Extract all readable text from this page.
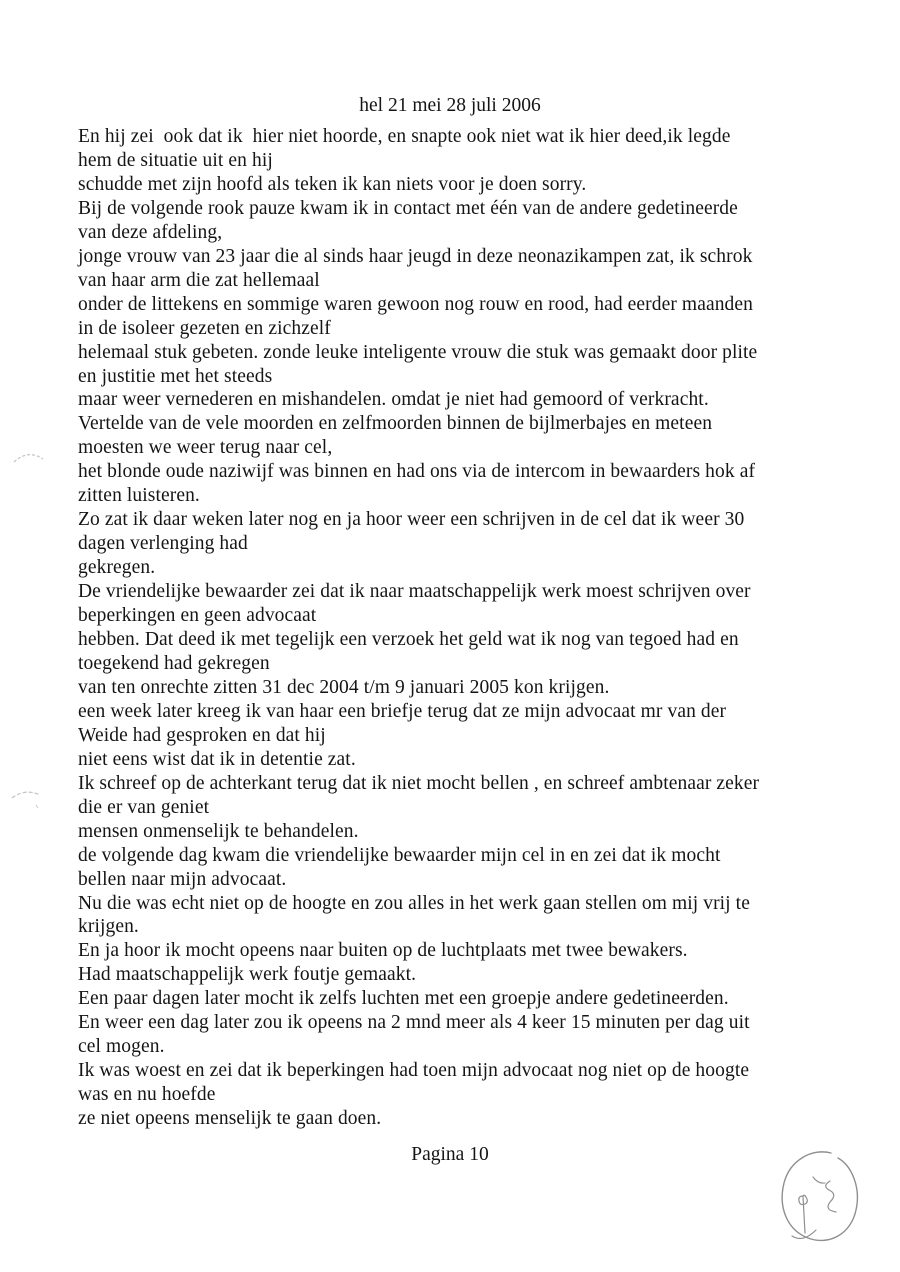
hel 21 mei 28 juli 2006
En hij zei  ook dat ik  hier niet hoorde, en snapte ook niet wat ik hier deed,ik legde
hem de situatie uit en hij
schudde met zijn hoofd als teken ik kan niets voor je doen sorry.
Bij de volgende rook pauze kwam ik in contact met één van de andere gedetineerde
van deze afdeling,
jonge vrouw van 23 jaar die al sinds haar jeugd in deze neonazikampen zat, ik schrok
van haar arm die zat hellemaal
onder de littekens en sommige waren gewoon nog rouw en rood, had eerder maanden
in de isoleer gezeten en zichzelf
helemaal stuk gebeten. zonde leuke inteligente vrouw die stuk was gemaakt door plite
en justitie met het steeds
maar weer vernederen en mishandelen. omdat je niet had gemoord of verkracht.
Vertelde van de vele moorden en zelfmoorden binnen de bijlmerbajes en meteen
moesten we weer terug naar cel,
het blonde oude naziwijf was binnen en had ons via de intercom in bewaarders hok af
zitten luisteren.
Zo zat ik daar weken later nog en ja hoor weer een schrijven in de cel dat ik weer 30
dagen verlenging had
gekregen.
De vriendelijke bewaarder zei dat ik naar maatschappelijk werk moest schrijven over
beperkingen en geen advocaat
hebben. Dat deed ik met tegelijk een verzoek het geld wat ik nog van tegoed had en
toegekend had gekregen
van ten onrechte zitten 31 dec 2004 t/m 9 januari 2005 kon krijgen.
een week later kreeg ik van haar een briefje terug dat ze mijn advocaat mr van der
Weide had gesproken en dat hij
niet eens wist dat ik in detentie zat.
Ik schreef op de achterkant terug dat ik niet mocht bellen , en schreef ambtenaar zeker
die er van geniet
mensen onmenselijk te behandelen.
de volgende dag kwam die vriendelijke bewaarder mijn cel in en zei dat ik mocht
bellen naar mijn advocaat.
Nu die was echt niet op de hoogte en zou alles in het werk gaan stellen om mij vrij te
krijgen.
En ja hoor ik mocht opeens naar buiten op de luchtplaats met twee bewakers.
Had maatschappelijk werk foutje gemaakt.
Een paar dagen later mocht ik zelfs luchten met een groepje andere gedetineerden.
En weer een dag later zou ik opeens na 2 mnd meer als 4 keer 15 minuten per dag uit
cel mogen.
Ik was woest en zei dat ik beperkingen had toen mijn advocaat nog niet op de hoogte
was en nu hoefde
ze niet opeens menselijk te gaan doen.
Pagina 10
